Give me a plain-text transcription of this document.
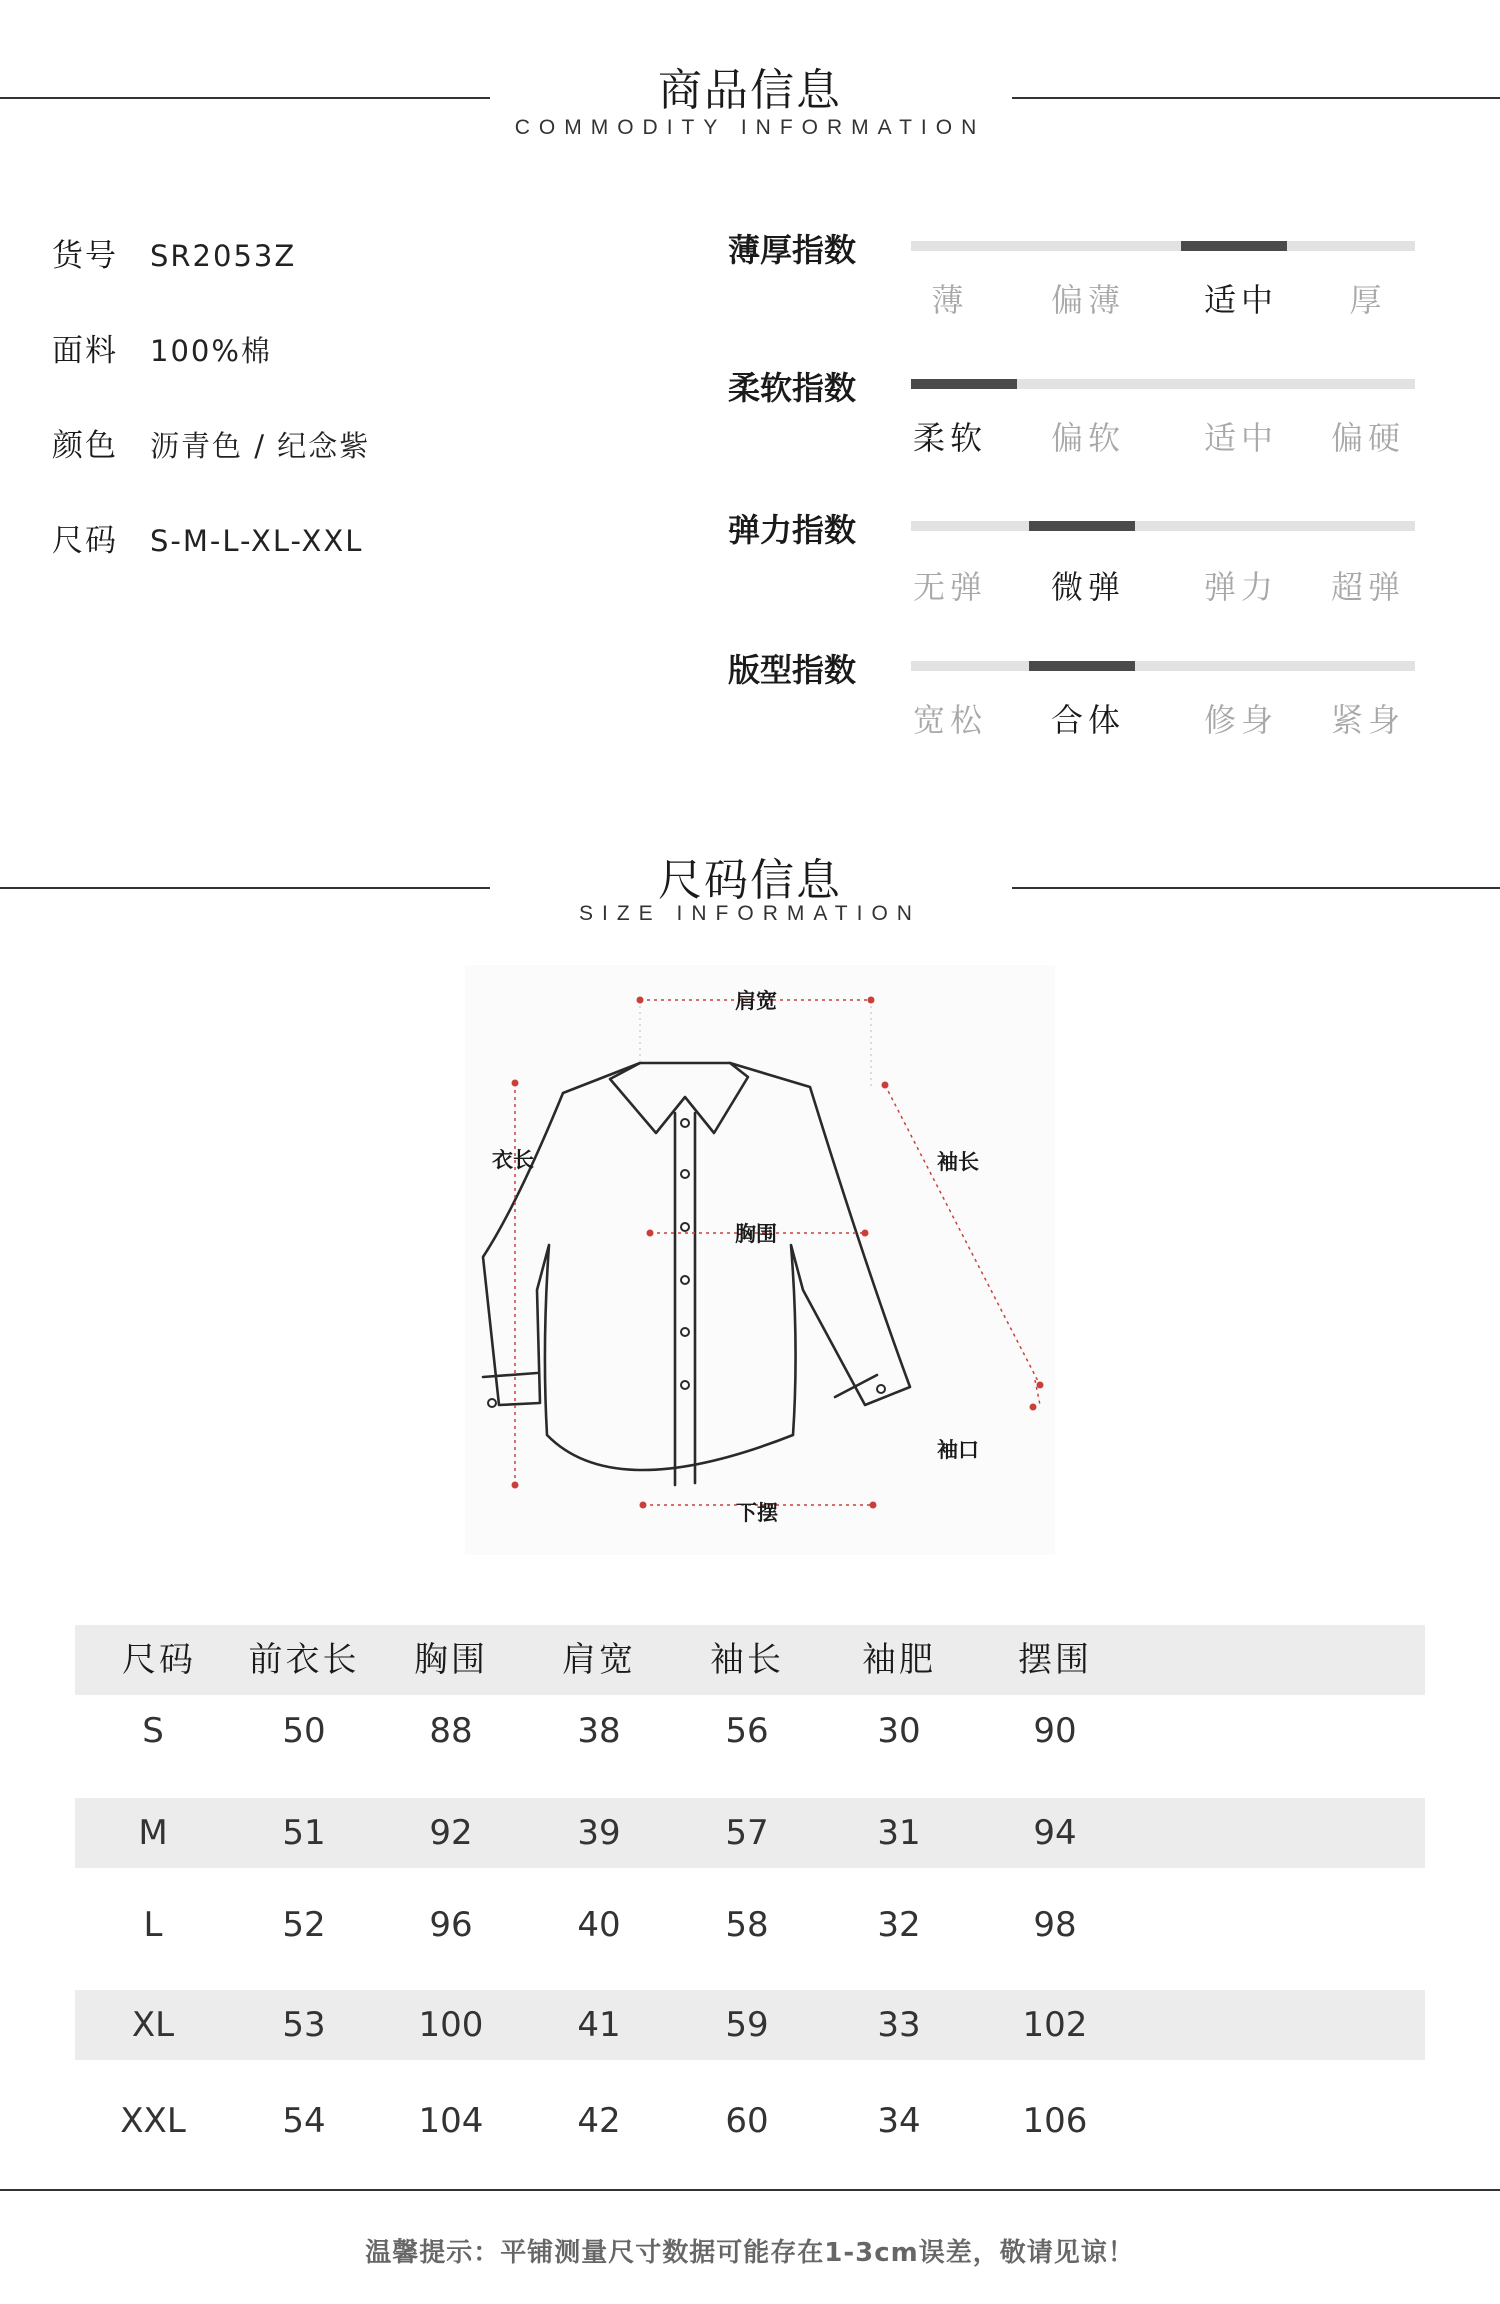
商品信息
COMMODITY INFORMATION
货号 SR2053Z
面料 100%棉
颜色 沥青色 / 纪念紫
尺码 S-M-L-XL-XXL
薄厚指数
薄	偏薄	适中	厚
柔软指数
柔软	偏软	适中	偏硬
弹力指数
无弹	微弹	弹力	超弹
版型指数
宽松	合体	修身	紧身
尺码信息
SIZE INFORMATION
肩宽
衣长	袖长
胸围
袖口
下摆
尺码 前衣长 胸围 肩宽 袖长 袖肥 摆围
S	50	88	38	56	30	90
M	51	92	39	57	31	94
L	52	96	40	58	32	98
XL	53	100	41	59	33	102
XXL	54	104	42	60	34	106
温馨提示：平铺测量尺寸数据可能存在1-3cm误差，敬请见谅！
